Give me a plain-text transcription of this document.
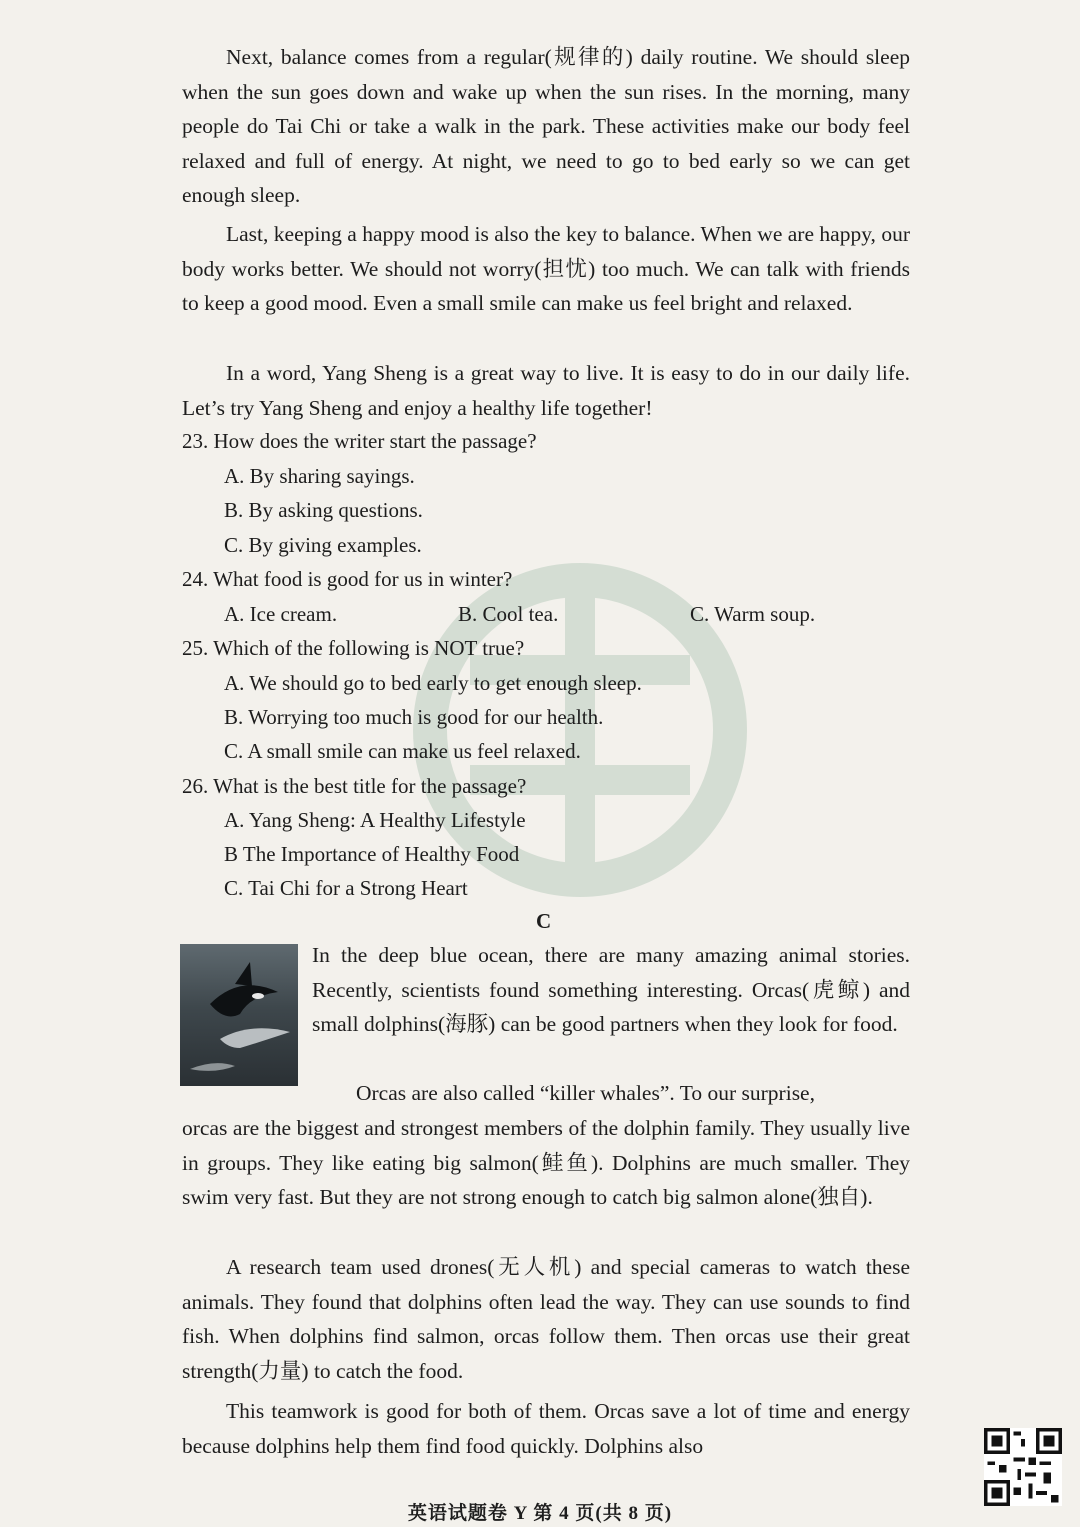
Next, balance comes from a regular(规律的) daily routine. We should sleep when the sun goes down and wake up when the sun rises. In the morning, many people do Tai Chi or take a walk in the park. These activities make our body feel relaxed and full of energy. At night, we need to go to bed early so we can get enough sleep.

Last, keeping a happy mood is also the key to balance. When we are happy, our body works better. We should not worry(担忧) too much. We can talk with friends to keep a good mood. Even a small smile can make us feel bright and relaxed.

In a word, Yang Sheng is a great way to live. It is easy to do in our daily life. Let’s try Yang Sheng and enjoy a healthy life together!

23. How does the writer start the passage?

A. By sharing sayings.

B. By asking questions.

C. By giving examples.

24. What food is good for us in winter?

A. Ice cream.	B. Cool tea.	C. Warm soup.

25. Which of the following is NOT true?

A. We should go to bed early to get enough sleep.

B. Worrying too much is good for our health.

C. A small smile can make us feel relaxed.

26. What is the best title for the passage?

A. Yang Sheng: A Healthy Lifestyle

B The Importance of Healthy Food

C. Tai Chi for a Strong Heart

C

In the deep blue ocean, there are many amazing animal stories. Recently, scientists found something interesting. Orcas(虎鲸) and small dolphins(海豚) can be good partners when they look for food.

Orcas are also called “killer whales”. To our surprise,

orcas are the biggest and strongest members of the dolphin family. They usually live in groups. They like eating big salmon(鲑鱼). Dolphins are much smaller. They swim very fast. But they are not strong enough to catch big salmon alone(独自).

A research team used drones(无人机) and special cameras to watch these animals. They found that dolphins often lead the way. They can use sounds to find fish. When dolphins find salmon, orcas follow them. Then orcas use their great strength(力量) to catch the food.

This teamwork is good for both of them. Orcas save a lot of time and energy because dolphins help them find food quickly. Dolphins also

英语试题卷 Y 第 4 页(共 8 页)
